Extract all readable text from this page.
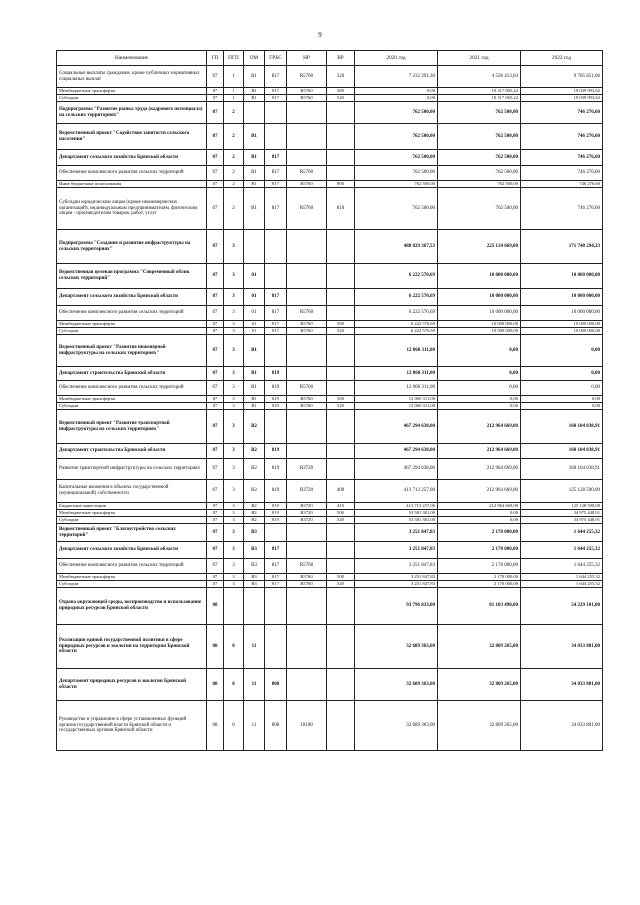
9
Наименование	ГП	ПГП	ОМ	ГРБС	НР	ВР	2020 год	2021 год	2022 год
Социальные выплаты гражданам, кроме публичных нормативных социальных выплат	07	1	В1	817	R5760	320	7 232 391,30	4 536 413,04	9 705 851,06
Межбюджетные трансферты	07	1	В1	817	R5760	500	0,00	10 317 065,22	19 039 993,62
Субсидии	07	1	В1	817	R5760	520	0,00	10 317 065,22	19 039 993,62
Подпрограмма "Развитие рынка труда (кадрового потенциала) на сельских территориях"	07	2					762 500,00	762 500,00	746 276,60
Ведомственный проект "Содействие занятости сельского населения"	07	2	В1				762 500,00	762 500,00	746 276,60
Департамент сельского хозяйства Брянской области	07	2	В1	817			762 500,00	762 500,00	746 276,60
Обеспечение комплексного развития сельских территорий	07	2	В1	817	R5760		762 500,00	762 500,00	746 276,60
Иные бюджетные ассигнования	07	2	В1	817	R5760	800	762 500,00	762 500,00	746 276,60
Субсидии юридическим лицам (кроме некоммерческих организаций), индивидуальным предпринимателям, физическим лицам - производителям товаров, работ, услуг	07	2	В1	817	R5760	810	762 500,00	762 500,00	746 276,60
Подпрограмма "Создание и развитие инфраструктуры на сельских территориях"	07	3					488 829 367,53	225 134 669,00	171 748 294,23
Ведомственная целевая программа "Современный облик сельских территорий"	07	3	01				6 222 570,69	10 000 000,00	10 000 000,00
Департамент сельского хозяйства Брянской области	07	3	01	817			6 222 570,69	10 000 000,00	10 000 000,00
Обеспечение комплексного развития сельских территорий	07	3	01	817	R5760		6 222 570,69	10 000 000,00	10 000 000,00
Межбюджетные трансферты	07	3	01	817	R5760	500	6 222 570,69	10 000 000,00	10 000 000,00
Субсидии	07	3	01	817	R5760	520	6 222 570,69	10 000 000,00	10 000 000,00
Ведомственный проект "Развитие инженерной инфраструктуры на сельских территориях"	07	3	В1				12 060 311,00	0,00	0,00
Департамент строительства Брянской области	07	3	В1	819			12 060 311,00	0,00	0,00
Обеспечение комплексного развития сельских территорий	07	3	В1	819	R5760		12 060 311,00	0,00	0,00
Межбюджетные трансферты	07	3	В1	819	R5760	500	12 060 311,00	0,00	0,00
Субсидии	07	3	В1	819	R5760	520	12 060 311,00	0,00	0,00
Ведомственный проект "Развитие транспортной инфраструктуры на сельских территориях"	07	3	В2				467 294 638,00	212 964 669,00	160 104 038,91
Департамент строительства Брянской области	07	3	В2	819			467 294 638,00	212 964 669,00	160 104 038,91
Развитие транспортной инфраструктуры на сельских территориях	07	3	В2	819	R3720		467 294 638,00	212 964 669,00	160 104 038,91
Капитальные вложения в объекты государственной (муниципальной) собственности	07	3	В2	819	R3720	400	413 713 257,00	212 964 669,00	125 128 590,00
Бюджетные инвестиции	07	3	В2	819	R3720	410	413 713 257,00	212 964 669,00	125 128 590,00
Межбюджетные трансферты	07	3	В2	819	R3720	500	53 581 381,00	0,00	34 975 448,91
Субсидии	07	3	В2	819	R3720	520	53 581 381,00	0,00	34 975 448,91
Ведомственный проект "Благоустройство сельских территорий"	07	3	В3				3 251 847,83	2 170 000,00	1 644 255,32
Департамент сельского хозяйства Брянской области	07	3	В3	817			3 251 847,83	2 170 000,00	1 644 255,32
Обеспечение комплексного развития сельских территорий	07	3	В3	817	R5760		3 251 847,83	2 170 000,00	1 644 255,32
Межбюджетные трансферты	07	3	В3	817	R5760	500	3 251 847,83	2 170 000,00	1 644 255,32
Субсидии	07	3	В3	817	R5760	520	3 251 847,83	2 170 000,00	1 644 255,32
Охрана окружающей среды, воспроизводство и использование природных ресурсов Брянской области	08						93 796 833,00	81 103 490,00	54 229 101,00
Реализация единой государственной политики в сфере природных ресурсов и экологии на территории Брянской области	08	0	11				32 689 363,00	32 809 265,00	34 033 801,00
Департамент природных ресурсов и экологии Брянской области	08	0	11	808			32 689 363,00	32 809 265,00	34 033 801,00
Руководство и управление в сфере установленных функций органов государственной власти Брянской области и государственных органов Брянской области	08	0	11	808	10100		32 689 363,00	32 809 265,00	34 033 801,00
